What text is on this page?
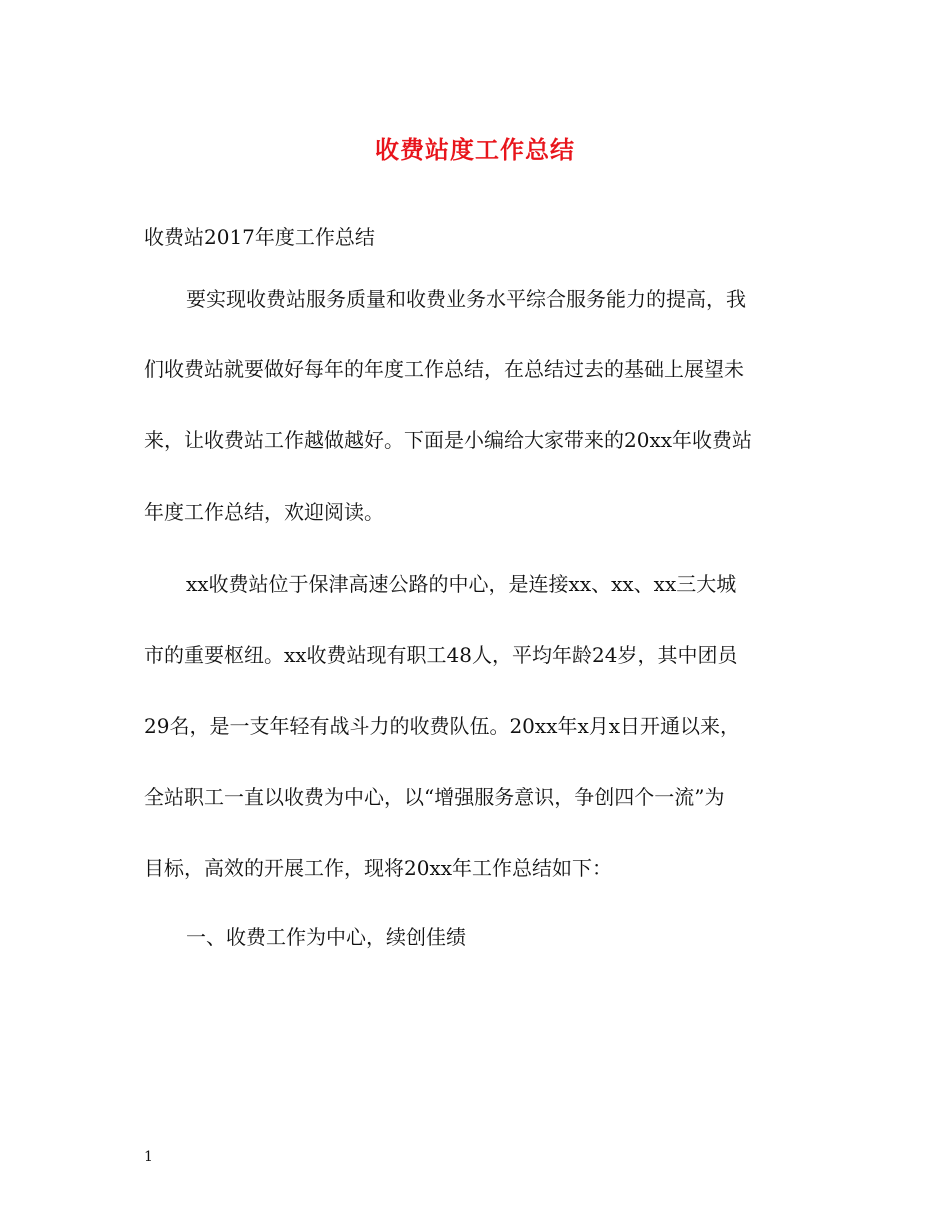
收费站度工作总结
收费站2017年度工作总结
要实现收费站服务质量和收费业务水平综合服务能力的提高，我
们收费站就要做好每年的年度工作总结，在总结过去的基础上展望未
来，让收费站工作越做越好。下面是小编给大家带来的20xx年收费站
年度工作总结，欢迎阅读。
xx收费站位于保津高速公路的中心，是连接xx、xx、xx三大城
市的重要枢纽。xx收费站现有职工48人，平均年龄24岁，其中团员
29名，是一支年轻有战斗力的收费队伍。20xx年x月x日开通以来，
全站职工一直以收费为中心，以“增强服务意识，争创四个一流”为
目标，高效的开展工作，现将20xx年工作总结如下：
一、收费工作为中心，续创佳绩
1
